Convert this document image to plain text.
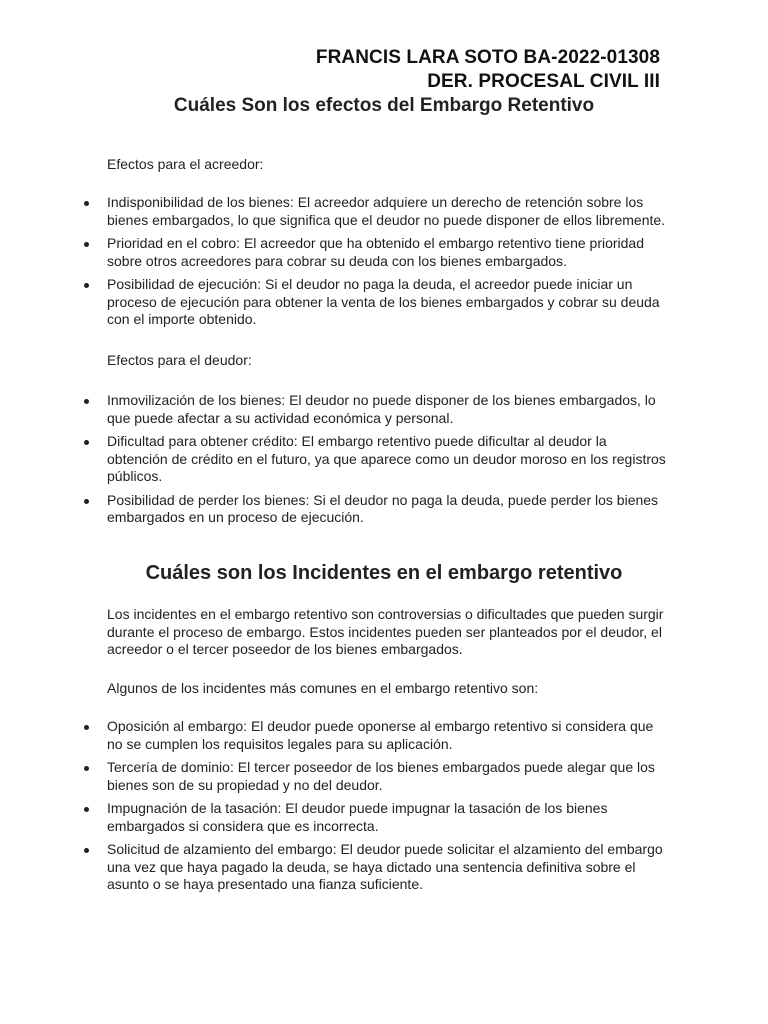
FRANCIS LARA SOTO BA-2022-01308
DER. PROCESAL CIVIL III
Cuáles Son los efectos del Embargo Retentivo

Efectos para el acreedor:

Indisponibilidad de los bienes: El acreedor adquiere un derecho de retención sobre los bienes embargados, lo que significa que el deudor no puede disponer de ellos libremente.
Prioridad en el cobro: El acreedor que ha obtenido el embargo retentivo tiene prioridad sobre otros acreedores para cobrar su deuda con los bienes embargados.
Posibilidad de ejecución: Si el deudor no paga la deuda, el acreedor puede iniciar un proceso de ejecución para obtener la venta de los bienes embargados y cobrar su deuda con el importe obtenido.

Efectos para el deudor:

Inmovilización de los bienes: El deudor no puede disponer de los bienes embargados, lo que puede afectar a su actividad económica y personal.
Dificultad para obtener crédito: El embargo retentivo puede dificultar al deudor la obtención de crédito en el futuro, ya que aparece como un deudor moroso en los registros públicos.
Posibilidad de perder los bienes: Si el deudor no paga la deuda, puede perder los bienes embargados en un proceso de ejecución.
Cuáles son los Incidentes en el embargo retentivo

Los incidentes en el embargo retentivo son controversias o dificultades que pueden surgir durante el proceso de embargo. Estos incidentes pueden ser planteados por el deudor, el acreedor o el tercer poseedor de los bienes embargados.

Algunos de los incidentes más comunes en el embargo retentivo son:

Oposición al embargo: El deudor puede oponerse al embargo retentivo si considera que no se cumplen los requisitos legales para su aplicación.
Tercería de dominio: El tercer poseedor de los bienes embargados puede alegar que los bienes son de su propiedad y no del deudor.
Impugnación de la tasación: El deudor puede impugnar la tasación de los bienes embargados si considera que es incorrecta.
Solicitud de alzamiento del embargo: El deudor puede solicitar el alzamiento del embargo una vez que haya pagado la deuda, se haya dictado una sentencia definitiva sobre el asunto o se haya presentado una fianza suficiente.
